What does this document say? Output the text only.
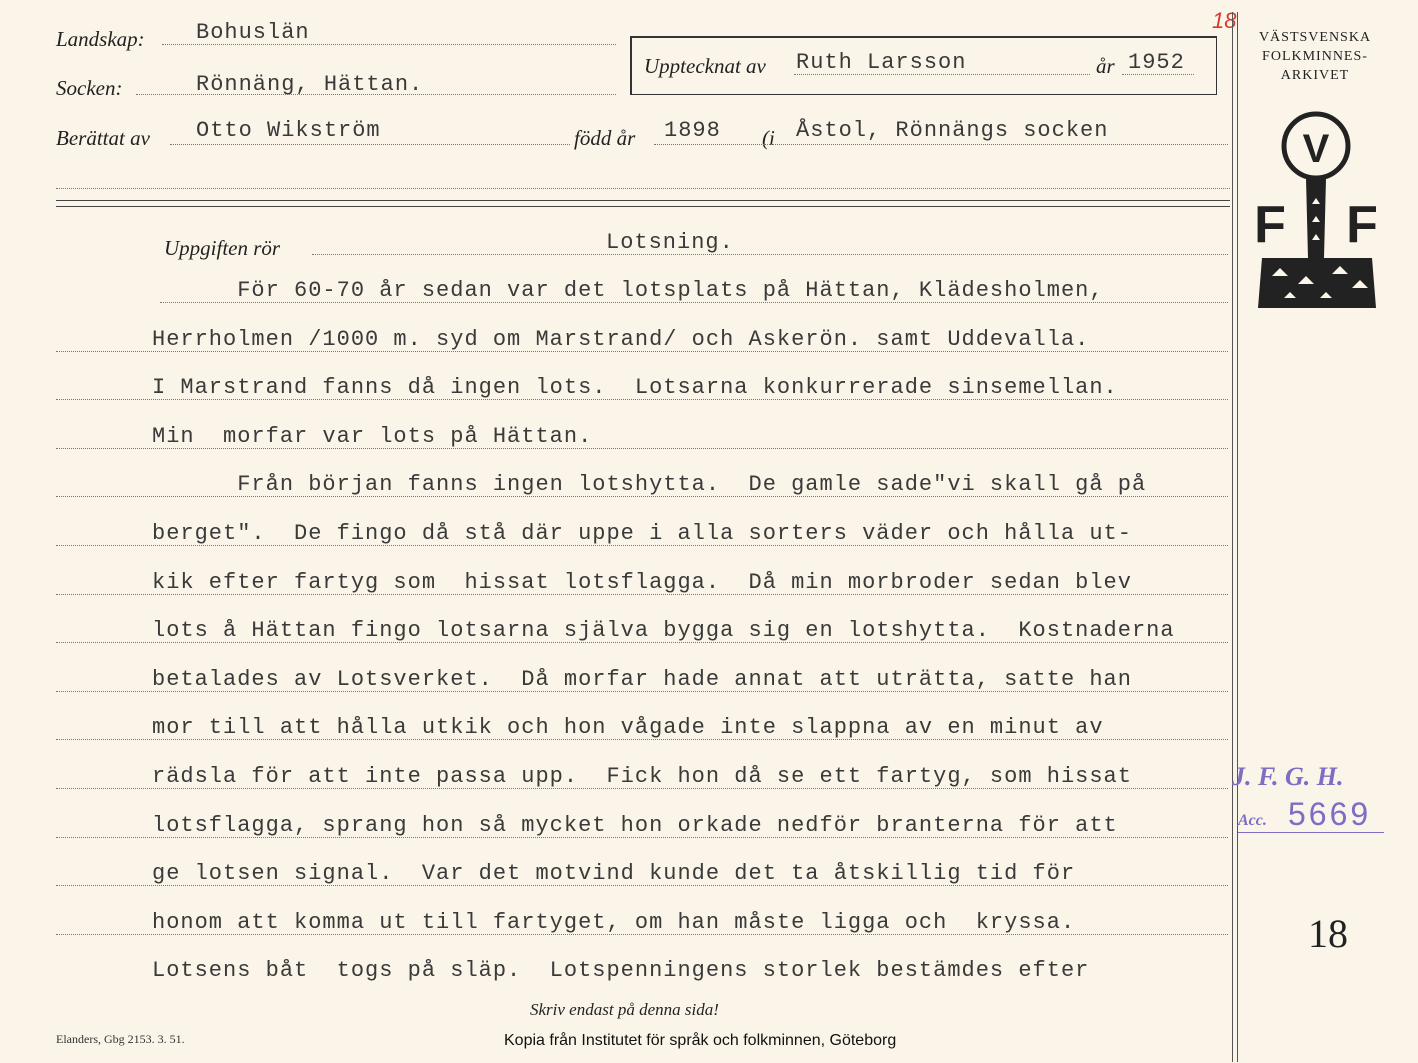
Landskap: Bohuslän
Socken:	Rönnäng, Hättan.
Berättat av Otto Wikström	född år 1898 (i Åstol, Rönnängs socken
Upptecknat av Ruth Larsson	år 1952
18
VÄSTSVENSKA
FOLKMINNES-
ARKIVET
V
F F
Uppgiften rör	Lotsning.
För 60-70 år sedan var det lotsplats på Hättan, Klädesholmen,
Herrholmen /1000 m. syd om Marstrand/ och Askerön. samt Uddevalla.
I Marstrand fanns då ingen lots.  Lotsarna konkurrerade sinsemellan.
Min  morfar var lots på Hättan.
Från början fanns ingen lotshytta.  De gamle sade"vi skall gå på
berget".  De fingo då stå där uppe i alla sorters väder och hålla ut-
kik efter fartyg som  hissat lotsflagga.  Då min morbroder sedan blev
lots å Hättan fingo lotsarna själva bygga sig en lotshytta.  Kostnaderna
betalades av Lotsverket.  Då morfar hade annat att uträtta, satte han
mor till att hålla utkik och hon vågade inte slappna av en minut av
rädsla för att inte passa upp.  Fick hon då se ett fartyg, som hissat
lotsflagga, sprang hon så mycket hon orkade nedför branterna för att
ge lotsen signal.  Var det motvind kunde det ta åtskillig tid för
honom att komma ut till fartyget, om han måste ligga och  kryssa.
Lotsens båt  togs på släp.  Lotspenningens storlek bestämdes efter
J. F. G. H.
Acc. 5669
18
Skriv endast på denna sida!
Elanders, Gbg 2153. 3. 51.	Kopia från Institutet för språk och folkminnen, Göteborg
